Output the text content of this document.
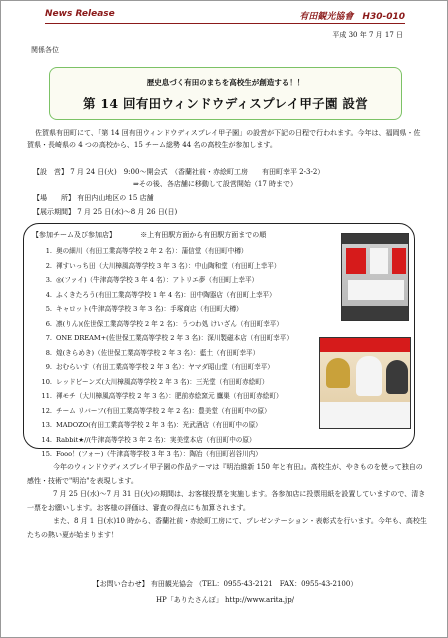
News Release	有田観光協會　H30-010
平成 30 年 7 月 17 日
関係各位
歴史息づく有田のまちを高校生が創造する！！
第 14 回有田ウィンドウディスプレイ甲子園 設営

佐賀県有田町にて、「第 14 回有田ウィンドウディスプレイ甲子園」の設営が下記の日程で行われます。今年は、福岡県・佐賀県・長崎県の 4 つの高校から、15 チーム総勢 44 名の高校生が参加します。

【設　営】 7 月 24 日(火)　9:00～開会式　（香蘭社前・赤絵町工房　　有田町幸平 2-3-2）
⇒その後、各店舗に移動して設営開始（17 時まで）
【場　　所】 有田内山地区の 15 店舗
【展示期間】 7 月 25 日(水)～8 月 26 日(日)
【参加チーム及び参加店】	※上有田駅方面から有田駅方面までの順
1. 奥の細川（有田工業高等学校 2 年 2 名）：蒲信堂（有田町中樽）
2. 褌すいっち田（大川樟風高等学校 3 年 3 名）：中山陶和堂（有田町上幸平）
3. ◎(ファイ)（牛津高等学校 3 年 4 名）：アトリエ夢（有田町上幸平）
4. ふくきたろう(有田工業高等学校 1 年 4 名)：田中陶器店（有田町上幸平）
5. キャロット(牛津高等学校 3 年 3 名)：手塚商店（有田町大樽）
6. 凛(りん)(佐世保工業高等学校 2 年 2 名)：うつわ処 けいざん（有田町幸平）
7. ONE DREAM+(佐世保工業高等学校 2 年 3 名)：深川製磁本店（有田町幸平）
8. 煌(きらめき)（佐世保工業高等学校 2 年 3 名）：藍土（有田町幸平）
9. おむらいす（有田工業高等学校 2 年 3 名）：ヤマダ昭山堂（有田町幸平）
10. レッドビーンズ(大川樟風高等学校 2 年 3 名)：三光堂（有田町赤絵町）
11. 褌モチ（大川樟風高等学校 2 年 3 名）：肥前赤絵窯元 鷹巣（有田町赤絵町）
12. チーム リバーフ(有田工業高等学校 2 年 2 名)：豊美堂（有田町中の原）
13. MADOZO(有田工業高等学校 2 年 3 名)：光武酒店（有田町中の原）
14. Rabbit★//(牛津高等学校 3 年 2 名)：実美堂本店（有田町中の原）
15. Fooo！(フォー)（牛津高等学校 3 年 3 名）：陶冶（有田町岩谷川内）

今年のウィンドウディスプレイ甲子園の作品テーマは『明治維新 150 年と有田』。高校生が、やきものを使って独自の感性・技術で"明治"を表現します。

7 月 25 日(水)～7 月 31 日(火)の期間は、お客様投票を実施します。各参加店に投票用紙を設置していますので、清き一票をお願いします。お客様の評価は、審査の得点にも加算されます。

また、8 月 1 日(水)10 時から、香蘭社前・赤絵町工房にて、プレゼンテーション・表彰式を行います。今年も、高校生たちの熱い夏が始まります！

【お問い合わせ】 有田観光協会 （TEL：0955-43-2121　FAX：0955-43-2100）
HP「ありたさんぽ」 http://www.arita.jp/
